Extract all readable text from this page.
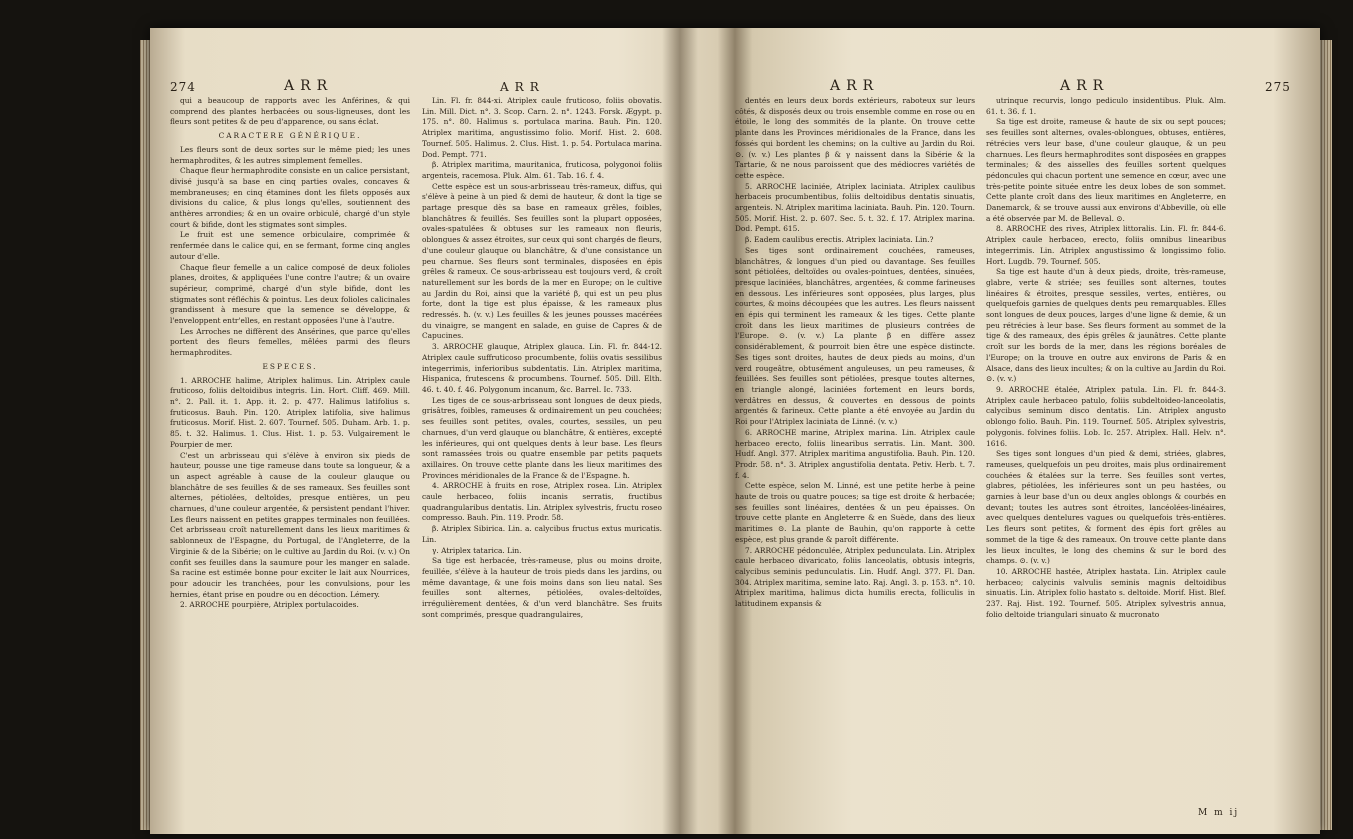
274	ARR	ARR

qui a beaucoup de rapports avec les Anférines, & qui comprend des plantes herbacées ou sous-ligneuses, dont les fleurs sont petites & de peu d'apparence, ou sans éclat.

CARACTERE GÉNÉRIQUE.

Les fleurs sont de deux sortes sur le même pied; les unes hermaphrodites, & les autres simplement femelles.

Chaque fleur hermaphrodite consiste en un calice persistant, divisé jusqu'à sa base en cinq parties ovales, concaves & membraneuses; en cinq étamines dont les filets opposés aux divisions du calice, & plus longs qu'elles, soutiennent des anthères arrondies; & en un ovaire orbiculé, chargé d'un style court & bifide, dont les stigmates sont simples.

Le fruit est une semence orbiculaire, comprimée & renfermée dans le calice qui, en se fermant, forme cinq angles autour d'elle.

Chaque fleur femelle a un calice composé de deux folioles planes, droites, & appliquées l'une contre l'autre; & un ovaire supérieur, comprimé, chargé d'un style bifide, dont les stigmates sont réfléchis & pointus. Les deux folioles calicinales grandissent à mesure que la semence se développe, & l'enveloppent entr'elles, en restant opposées l'une à l'autre.

Les Arroches ne diffèrent des Ansérines, que parce qu'elles portent des fleurs femelles, mêlées parmi des fleurs hermaphrodites.

ESPECES.

1. ARROCHE halime, Atriplex halimus. Lin. Atriplex caule fruticoso, foliis deltoidibus integris. Lin. Hort. Cliff. 469. Mill. n°. 2. Pall. it. 1. App. it. 2. p. 477. Halimus latifolius s. fruticosus. Bauh. Pin. 120. Atriplex latifolia, sive halimus fruticosus. Morif. Hist. 2. 607. Tournef. 505. Duham. Arb. 1. p. 85. t. 32. Halimus. 1. Clus. Hist. 1. p. 53. Vulgairement le Pourpier de mer.

C'est un arbrisseau qui s'élève à environ six pieds de hauteur, pousse une tige rameuse dans toute sa longueur, & a un aspect agréable à cause de la couleur glauque ou blanchâtre de ses feuilles & de ses rameaux. Ses feuilles sont alternes, pétiolées, deltoïdes, presque entières, un peu charnues, d'une couleur argentée, & persistent pendant l'hiver. Les fleurs naissent en petites grappes terminales non feuillées. Cet arbrisseau croît naturellement dans les lieux maritimes & sablonneux de l'Espagne, du Portugal, de l'Angleterre, de la Virginie & de la Sibérie; on le cultive au Jardin du Roi. (v. v.) On confit ses feuilles dans la saumure pour les manger en salade. Sa racine est estimée bonne pour exciter le lait aux Nourrices, pour adoucir les tranchées, pour les convulsions, pour les hernies, étant prise en poudre ou en décoction. Lémery.

2. ARROCHE pourpière, Atriplex portulacoides.

Lin. Fl. fr. 844-xi. Atriplex caule fruticoso, foliis obovatis. Lin. Mill. Dict. n°. 3. Scop. Carn. 2. n°. 1243. Forsk. Ægypt. p. 175. n°. 80. Halimus s. portulaca marina. Bauh. Pin. 120. Atriplex maritima, angustissimo folio. Morif. Hist. 2. 608. Tournef. 505. Halimus. 2. Clus. Hist. 1. p. 54. Portulaca marina. Dod. Pempt. 771.

β. Atriplex maritima, mauritanica, fruticosa, polygonoi foliis argenteis, racemosa. Pluk. Alm. 61. Tab. 16. f. 4.

Cette espèce est un sous-arbrisseau très-rameux, diffus, qui s'élève à peine à un pied & demi de hauteur, & dont la tige se partage presque dès sa base en rameaux grêles, foibles, blanchâtres & feuillés. Ses feuilles sont la plupart opposées, ovales-spatulées & obtuses sur les rameaux non fleuris, oblongues & assez étroites, sur ceux qui sont chargés de fleurs, d'une couleur glauque ou blanchâtre, & d'une consistance un peu charnue. Ses fleurs sont terminales, disposées en épis grêles & rameux. Ce sous-arbrisseau est toujours verd, & croît naturellement sur les bords de la mer en Europe; on le cultive au Jardin du Roi, ainsi que la variété β, qui est un peu plus forte, dont la tige est plus épaisse, & les rameaux plus redressés. ħ. (v. v.) Les feuilles & les jeunes pousses macérées du vinaigre, se mangent en salade, en guise de Capres & de Capucines.

3. ARROCHE glauque, Atriplex glauca. Lin. Fl. fr. 844-12. Atriplex caule suffruticoso procumbente, foliis ovatis sessilibus integerrimis, inferioribus subdentatis. Lin. Atriplex maritima, Hispanica, frutescens & procumbens. Tournef. 505. Dill. Elth. 46. t. 40. f. 46. Polygonum incanum, &c. Barrel. Ic. 733.

Les tiges de ce sous-arbrisseau sont longues de deux pieds, grisâtres, foibles, rameuses & ordinairement un peu couchées; ses feuilles sont petites, ovales, courtes, sessiles, un peu charnues, d'un verd glauque ou blanchâtre, & entières, excepté les inférieures, qui ont quelques dents à leur base. Les fleurs sont ramassées trois ou quatre ensemble par petits paquets axillaires. On trouve cette plante dans les lieux maritimes des Provinces méridionales de la France & de l'Espagne. ħ.

4. ARROCHE à fruits en rose, Atriplex rosea. Lin. Atriplex caule herbaceo, foliis incanis serratis, fructibus quadrangularibus dentatis. Lin. Atriplex sylvestris, fructu roseo compresso. Bauh. Pin. 119. Prodr. 58.

β. Atriplex Sibirica. Lin. a. calycibus fructus extus muricatis. Lin.

γ. Atriplex tatarica. Lin.

Sa tige est herbacée, très-rameuse, plus ou moins droite, feuillée, s'élève à la hauteur de trois pieds dans les jardins, ou même davantage, & une fois moins dans son lieu natal. Ses feuilles sont alternes, pétiolées, ovales-deltoïdes, irrégulièrement dentées, & d'un verd blanchâtre. Ses fruits sont comprimés, presque quadrangulaires,

ARR	ARR	275

dentés en leurs deux bords extérieurs, raboteux sur leurs côtés, & disposés deux ou trois ensemble comme en rose ou en étoile, le long des sommités de la plante. On trouve cette plante dans les Provinces méridionales de la France, dans les fossés qui bordent les chemins; on la cultive au Jardin du Roi. ⊙. (v. v.) Les plantes β & γ naissent dans la Sibérie & la Tartarie, & ne nous paroissent que des médiocres variétés de cette espèce.

5. ARROCHE laciniée, Atriplex laciniata. Atriplex caulibus herbaceis procumbentibus, foliis deltoidibus dentatis sinuatis, argenteis. N. Atriplex maritima laciniata. Bauh. Pin. 120. Tourn. 505. Morif. Hist. 2. p. 607. Sec. 5. t. 32. f. 17. Atriplex marina. Dod. Pempt. 615.

β. Eadem caulibus erectis. Atriplex laciniata. Lin.?

Ses tiges sont ordinairement couchées, rameuses, blanchâtres, & longues d'un pied ou davantage. Ses feuilles sont pétiolées, deltoïdes ou ovales-pointues, dentées, sinuées, presque laciniées, blanchâtres, argentées, & comme farineuses en dessous. Les inférieures sont opposées, plus larges, plus courtes, & moins découpées que les autres. Les fleurs naissent en épis qui terminent les rameaux & les tiges. Cette plante croît dans les lieux maritimes de plusieurs contrées de l'Europe. ⊙. (v. v.) La plante β en diffère assez considérablement, & pourroit bien être une espèce distincte. Ses tiges sont droites, hautes de deux pieds au moins, d'un verd rougeâtre, obtusément anguleuses, un peu rameuses, & feuillées. Ses feuilles sont pétiolées, presque toutes alternes, en triangle alongé, laciniées fortement en leurs bords, verdâtres en dessus, & couvertes en dessous de points argentés & farineux. Cette plante a été envoyée au Jardin du Roi pour l'Atriplex laciniata de Linné. (v. v.)

6. ARROCHE marine, Atriplex marina. Lin. Atriplex caule herbaceo erecto, foliis linearibus serratis. Lin. Mant. 300. Hudf. Angl. 377. Atriplex maritima angustifolia. Bauh. Pin. 120. Prodr. 58. n°. 3. Atriplex angustifolia dentata. Petiv. Herb. t. 7. f. 4.

Cette espèce, selon M. Linné, est une petite herbe à peine haute de trois ou quatre pouces; sa tige est droite & herbacée; ses feuilles sont linéaires, dentées & un peu épaisses. On trouve cette plante en Angleterre & en Suède, dans des lieux maritimes ⊙. La plante de Bauhin, qu'on rapporte à cette espèce, est plus grande & paroît différente.

7. ARROCHE pédonculée, Atriplex pedunculata. Lin. Atriplex caule herbaceo divaricato, foliis lanceolatis, obtusis integris, calycibus seminis pedunculatis. Lin. Hudf. Angl. 377. Fl. Dan. 304. Atriplex maritima, semine lato. Raj. Angl. 3. p. 153. n°. 10. Atriplex maritima, halimus dicta humilis erecta, folliculis in latitudinem expansis &

utrinque recurvis, longo pediculo insidentibus. Pluk. Alm. 61. t. 36. f. 1.

Sa tige est droite, rameuse & haute de six ou sept pouces; ses feuilles sont alternes, ovales-oblongues, obtuses, entières, rétrécies vers leur base, d'une couleur glauque, & un peu charnues. Les fleurs hermaphrodites sont disposées en grappes terminales; & des aisselles des feuilles sortent quelques pédoncules qui chacun portent une semence en cœur, avec une très-petite pointe située entre les deux lobes de son sommet. Cette plante croît dans des lieux maritimes en Angleterre, en Danemarck, & se trouve aussi aux environs d'Abbeville, où elle a été observée par M. de Belleval. ⊙.

8. ARROCHE des rives, Atriplex littoralis. Lin. Fl. fr. 844-6. Atriplex caule herbaceo, erecto, foliis omnibus linearibus integerrimis. Lin. Atriplex angustissimo & longissimo folio. Hort. Lugdb. 79. Tournef. 505.

Sa tige est haute d'un à deux pieds, droite, très-rameuse, glabre, verte & striée; ses feuilles sont alternes, toutes linéaires & étroites, presque sessiles, vertes, entières, ou quelquefois garnies de quelques dents peu remarquables. Elles sont longues de deux pouces, larges d'une ligne & demie, & un peu rétrécies à leur base. Ses fleurs forment au sommet de la tige & des rameaux, des épis grêles & jaunâtres. Cette plante croît sur les bords de la mer, dans les régions boréales de l'Europe; on la trouve en outre aux environs de Paris & en Alsace, dans des lieux incultes; & on la cultive au Jardin du Roi. ⊙. (v. v.)

9. ARROCHE étalée, Atriplex patula. Lin. Fl. fr. 844-3. Atriplex caule herbaceo patulo, foliis subdeltoideo-lanceolatis, calycibus seminum disco dentatis. Lin. Atriplex angusto oblongo folio. Bauh. Pin. 119. Tournef. 505. Atriplex sylvestris, polygonis. folvines foliis. Lob. Ic. 257. Atriplex. Hall. Helv. n°. 1616.

Ses tiges sont longues d'un pied & demi, striées, glabres, rameuses, quelquefois un peu droites, mais plus ordinairement couchées & étalées sur la terre. Ses feuilles sont vertes, glabres, pétiolées, les inférieures sont un peu hastées, ou garnies à leur base d'un ou deux angles oblongs & courbés en devant; toutes les autres sont étroites, lancéolées-linéaires, avec quelques dentelures vagues ou quelquefois très-entières. Les fleurs sont petites, & forment des épis fort grêles au sommet de la tige & des rameaux. On trouve cette plante dans les lieux incultes, le long des chemins & sur le bord des champs. ⊙. (v. v.)

10. ARROCHE hastée, Atriplex hastata. Lin. Atriplex caule herbaceo; calycinis valvulis seminis magnis deltoidibus sinuatis. Lin. Atriplex folio hastato s. deltoide. Morif. Hist. Blef. 237. Raj. Hist. 192. Tournef. 505. Atriplex sylvestris annua, folio deltoide triangulari sinuato & mucronato

M m ij
